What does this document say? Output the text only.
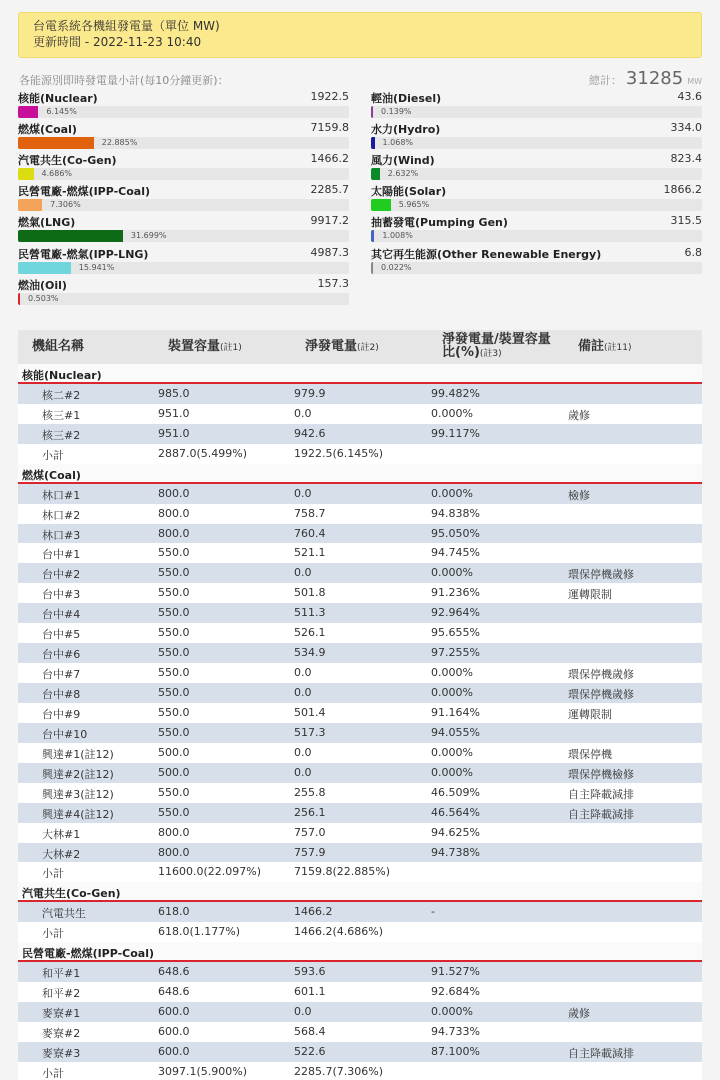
台電系統各機組發電量（單位 MW)
更新時間 - 2022-11-23 10:40
各能源別即時發電量小計(每10分鐘更新)：	總計： 31285 MW
核能(Nuclear)	1922.5
6.145%
燃煤(Coal)	7159.8
22.885%
汽電共生(Co-Gen)	1466.2
4.686%
民營電廠-燃煤(IPP-Coal)	2285.7
7.306%
燃氣(LNG)	9917.2
31.699%
民營電廠-燃氣(IPP-LNG)	4987.3
15.941%
燃油(Oil)	157.3
0.503%
輕油(Diesel)	43.6
0.139%
水力(Hydro)	334.0
1.068%
風力(Wind)	823.4
2.632%
太陽能(Solar)	1866.2
5.965%
抽蓄發電(Pumping Gen)	315.5
1.008%
其它再生能源(Other Renewable Energy)	6.8
0.022%
機組名稱	裝置容量(註1)	淨發電量(註2)
淨發電量/裝置容量
比(%)(註3)	備註(註11)
核能(Nuclear)
核二#2	985.0	979.9	99.482%
核三#1	951.0	0.0	0.000%	歲修
核三#2	951.0	942.6	99.117%
小計	2887.0(5.499%)	1922.5(6.145%)
燃煤(Coal)
林口#1	800.0	0.0	0.000%	檢修
林口#2	800.0	758.7	94.838%
林口#3	800.0	760.4	95.050%
台中#1	550.0	521.1	94.745%
台中#2	550.0	0.0	0.000%	環保停機歲修
台中#3	550.0	501.8	91.236%	運轉限制
台中#4	550.0	511.3	92.964%
台中#5	550.0	526.1	95.655%
台中#6	550.0	534.9	97.255%
台中#7	550.0	0.0	0.000%	環保停機歲修
台中#8	550.0	0.0	0.000%	環保停機歲修
台中#9	550.0	501.4	91.164%	運轉限制
台中#10	550.0	517.3	94.055%
興達#1(註12)	500.0	0.0	0.000%	環保停機
興達#2(註12)	500.0	0.0	0.000%	環保停機檢修
興達#3(註12)	550.0	255.8	46.509%	自主降載減排
興達#4(註12)	550.0	256.1	46.564%	自主降載減排
大林#1	800.0	757.0	94.625%
大林#2	800.0	757.9	94.738%
小計	11600.0(22.097%)	7159.8(22.885%)
汽電共生(Co-Gen)
汽電共生	618.0	1466.2	-
小計	618.0(1.177%)	1466.2(4.686%)
民營電廠-燃煤(IPP-Coal)
和平#1	648.6	593.6	91.527%
和平#2	648.6	601.1	92.684%
麥寮#1	600.0	0.0	0.000%	歲修
麥寮#2	600.0	568.4	94.733%
麥寮#3	600.0	522.6	87.100%	自主降載減排
小計	3097.1(5.900%)	2285.7(7.306%)
